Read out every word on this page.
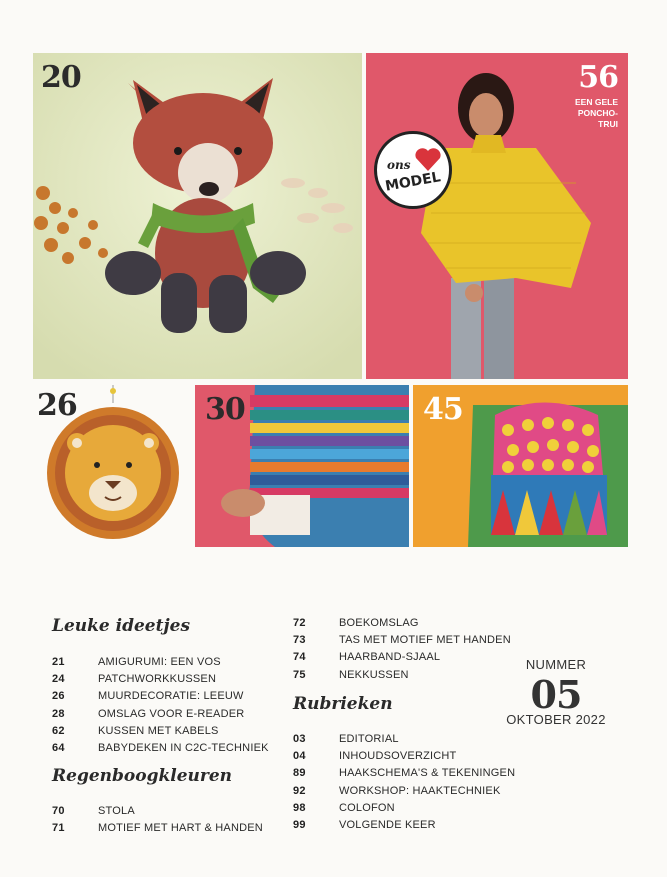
20	56
EEN GELE
PONCHO-
TRUI
ons
MODEL
26	30	45
Leuke ideetjes
21	AMIGURUMI: EEN VOS
24	PATCHWORKKUSSEN
26	MUURDECORATIE: LEEUW
28	OMSLAG VOOR E-READER
62	KUSSEN MET KABELS
64	BABYDEKEN IN C2C-TECHNIEK
Regenboogkleuren
70	STOLA
71	MOTIEF MET HART & HANDEN
72	BOEKOMSLAG
73	TAS MET MOTIEF MET HANDEN
74	HAARBAND-SJAAL
75	NEKKUSSEN
Rubrieken
03	EDITORIAL
04	INHOUDSOVERZICHT
89	HAAKSCHEMA'S & TEKENINGEN
92	WORKSHOP: HAAKTECHNIEK
98	COLOFON
99	VOLGENDE KEER
NUMMER
05
OKTOBER 2022
